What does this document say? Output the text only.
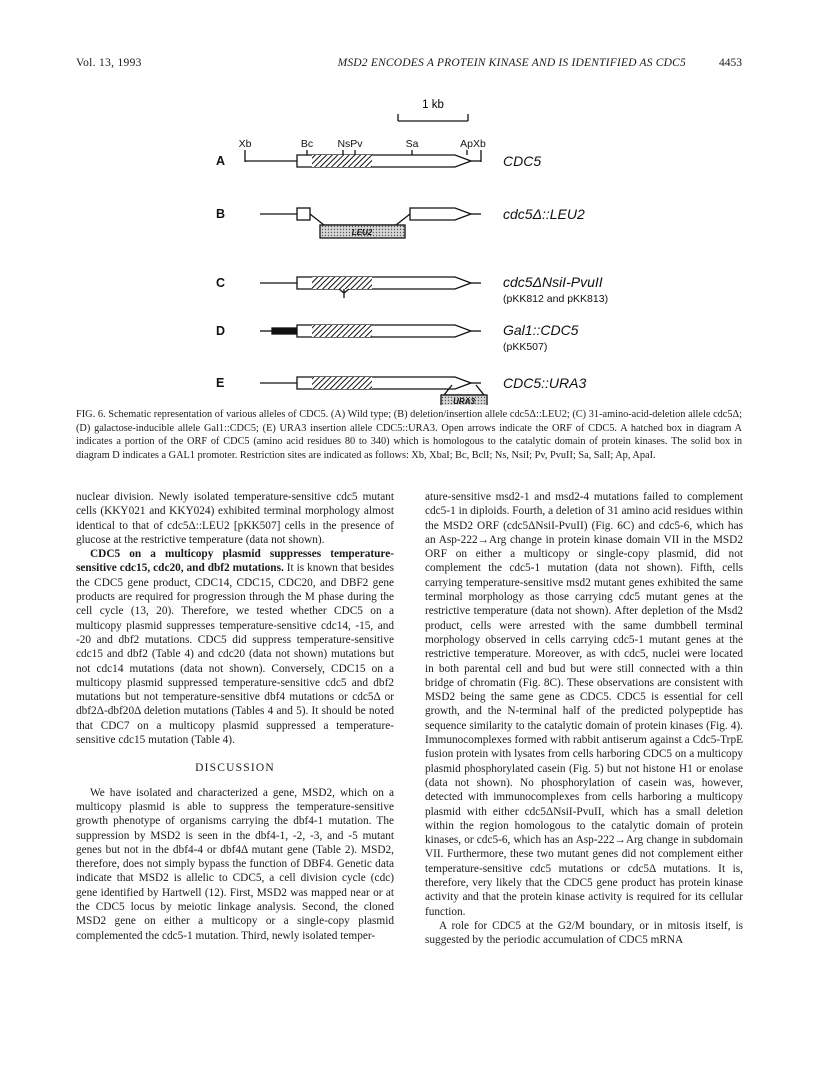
Vol. 13, 1993	MSD2 ENCODES A PROTEIN KINASE AND IS IDENTIFIED AS CDC5	4453
1 kb
Xb	Bc NsPv	Sa	ApXb
A	CDC5
B
LEU2
cdc5Δ::LEU2
C	cdc5ΔNsiI-PvuII
(pKK812 and pKK813)
D	Gal1::CDC5
(pKK507)
E
URA3
CDC5::URA3
FIG. 6. Schematic representation of various alleles of CDC5. (A) Wild type; (B) deletion/insertion allele cdc5Δ::LEU2; (C) 31-amino-acid-deletion allele cdc5Δ; (D) galactose-inducible allele Gal1::CDC5; (E) URA3 insertion allele CDC5::URA3. Open arrows indicate the ORF of CDC5. A hatched box in diagram A indicates a portion of the ORF of CDC5 (amino acid residues 80 to 340) which is homologous to the catalytic domain of protein kinases. The solid box in diagram D indicates a GAL1 promoter. Restriction sites are indicated as follows: Xb, XbaI; Bc, BclI; Ns, NsiI; Pv, PvuII; Sa, SalI; Ap, ApaI.

nuclear division. Newly isolated temperature-sensitive cdc5 mutant cells (KKY021 and KKY024) exhibited terminal morphology almost identical to that of cdc5Δ::LEU2 [pKK507] cells in the presence of glucose at the restrictive temperature (data not shown).

CDC5 on a multicopy plasmid suppresses temperature-sensitive cdc15, cdc20, and dbf2 mutations. It is known that besides the CDC5 gene product, CDC14, CDC15, CDC20, and DBF2 gene products are required for progression through the M phase during the cell cycle (13, 20). Therefore, we tested whether CDC5 on a multicopy plasmid suppresses temperature-sensitive cdc14, -15, and -20 and dbf2 mutations. CDC5 did suppress temperature-sensitive cdc15 and dbf2 (Table 4) and cdc20 (data not shown) mutations but not cdc14 mutations (data not shown). Conversely, CDC15 on a multicopy plasmid suppressed temperature-sensitive cdc5 and dbf2 mutations but not temperature-sensitive dbf4 mutations or cdc5Δ or dbf2Δ-dbf20Δ deletion mutations (Tables 4 and 5). It should be noted that CDC7 on a multicopy plasmid suppressed a temperature-sensitive cdc15 mutation (Table 4).

DISCUSSION

We have isolated and characterized a gene, MSD2, which on a multicopy plasmid is able to suppress the temperature-sensitive growth phenotype of organisms carrying the dbf4-1 mutation. The suppression by MSD2 is seen in the dbf4-1, -2, -3, and -5 mutant genes but not in the dbf4-4 or dbf4Δ mutant gene (Table 2). MSD2, therefore, does not simply bypass the function of DBF4. Genetic data indicate that MSD2 is allelic to CDC5, a cell division cycle (cdc) gene identified by Hartwell (12). First, MSD2 was mapped near or at the CDC5 locus by meiotic linkage analysis. Second, the cloned MSD2 gene on either a multicopy or a single-copy plasmid complemented the cdc5-1 mutation. Third, newly isolated temper-

ature-sensitive msd2-1 and msd2-4 mutations failed to complement cdc5-1 in diploids. Fourth, a deletion of 31 amino acid residues within the MSD2 ORF (cdc5ΔNsiI-PvuII) (Fig. 6C) and cdc5-6, which has an Asp-222→Arg change in protein kinase domain VII in the MSD2 ORF on either a multicopy or single-copy plasmid, did not complement the cdc5-1 mutation (data not shown). Fifth, cells carrying temperature-sensitive msd2 mutant genes exhibited the same terminal morphology as those carrying cdc5 mutant genes at the restrictive temperature (data not shown). After depletion of the Msd2 product, cells were arrested with the same dumbbell terminal morphology observed in cells carrying cdc5-1 mutant genes at the restrictive temperature. Moreover, as with cdc5, nuclei were located in both parental cell and bud but were still connected with a thin bridge of chromatin (Fig. 8C). These observations are consistent with MSD2 being the same gene as CDC5. CDC5 is essential for cell growth, and the N-terminal half of the predicted polypeptide has sequence similarity to the catalytic domain of protein kinases (Fig. 4). Immunocomplexes formed with rabbit antiserum against a Cdc5-TrpE fusion protein with lysates from cells harboring CDC5 on a multicopy plasmid phosphorylated casein (Fig. 5) but not histone H1 or enolase (data not shown). No phosphorylation of casein was, however, detected with immunocomplexes from cells harboring a multicopy plasmid with either cdc5ΔNsiI-PvuII, which has a small deletion within the region homologous to the catalytic domain of protein kinases, or cdc5-6, which has an Asp-222→Arg change in subdomain VII. Furthermore, these two mutant genes did not complement either temperature-sensitive cdc5 mutations or cdc5Δ mutations. It is, therefore, very likely that the CDC5 gene product has protein kinase activity and that the protein kinase activity is required for its cellular function.

A role for CDC5 at the G2/M boundary, or in mitosis itself, is suggested by the periodic accumulation of CDC5 mRNA
